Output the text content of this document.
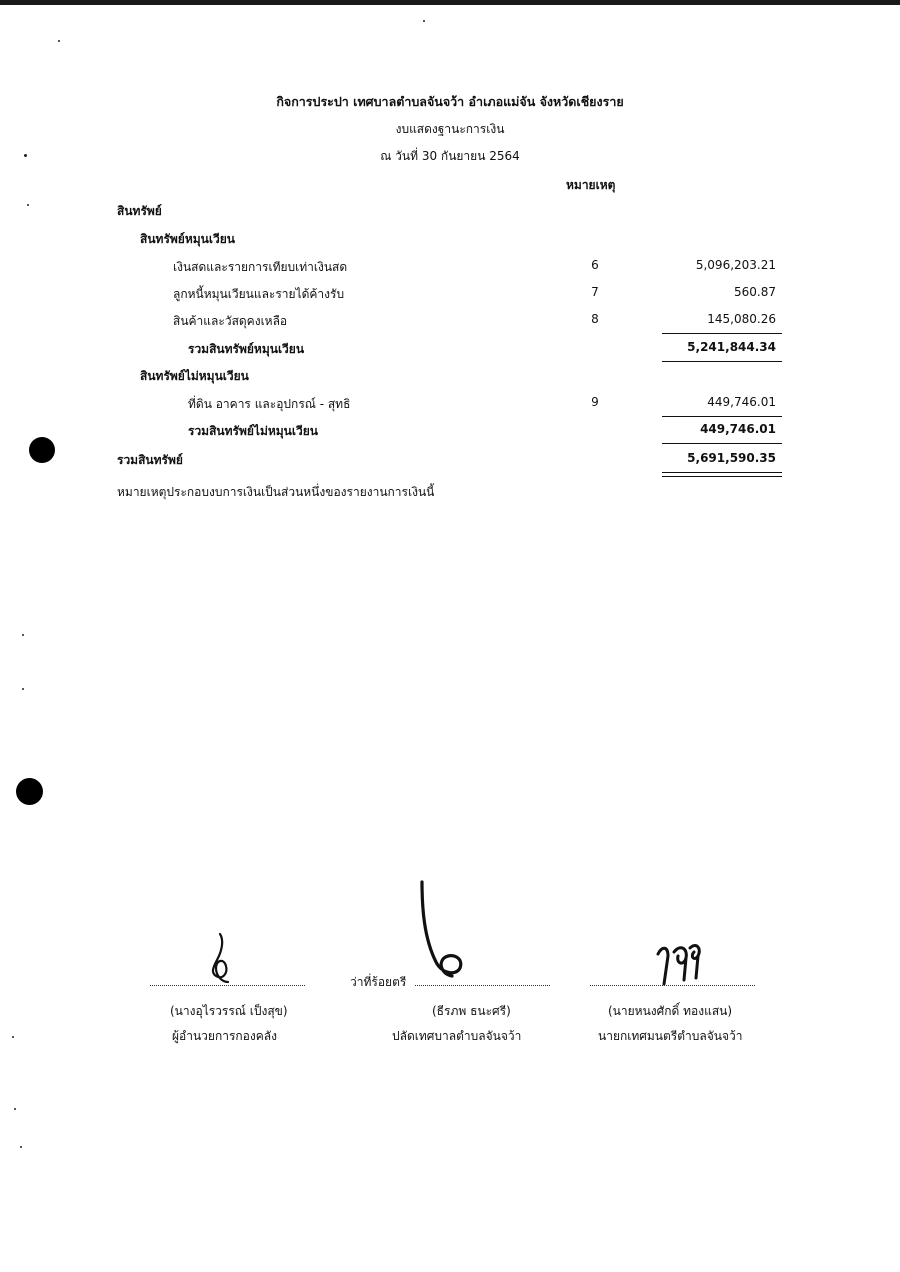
กิจการประปา เทศบาลตำบลจันจว้า อำเภอแม่จัน จังหวัดเชียงราย
งบแสดงฐานะการเงิน
ณ วันที่ 30 กันยายน 2564
หมายเหตุ
สินทรัพย์
สินทรัพย์หมุนเวียน
เงินสดและรายการเทียบเท่าเงินสด	6	5,096,203.21
ลูกหนี้หมุนเวียนและรายได้ค้างรับ	7	560.87
สินค้าและวัสดุคงเหลือ	8	145,080.26
รวมสินทรัพย์หมุนเวียน	5,241,844.34
สินทรัพย์ไม่หมุนเวียน
ที่ดิน อาคาร และอุปกรณ์ - สุทธิ	9	449,746.01
รวมสินทรัพย์ไม่หมุนเวียน	449,746.01
รวมสินทรัพย์	5,691,590.35
หมายเหตุประกอบงบการเงินเป็นส่วนหนึ่งของรายงานการเงินนี้
(นางอุไรวรรณ์ เป็งสุข)
ผู้อำนวยการกองคลัง
ว่าที่ร้อยตรี
(ธีรภพ ธนะศรี)
ปลัดเทศบาลตำบลจันจว้า
(นายหนงศักดิ์ ทองแสน)
นายกเทศมนตรีตำบลจันจว้า
